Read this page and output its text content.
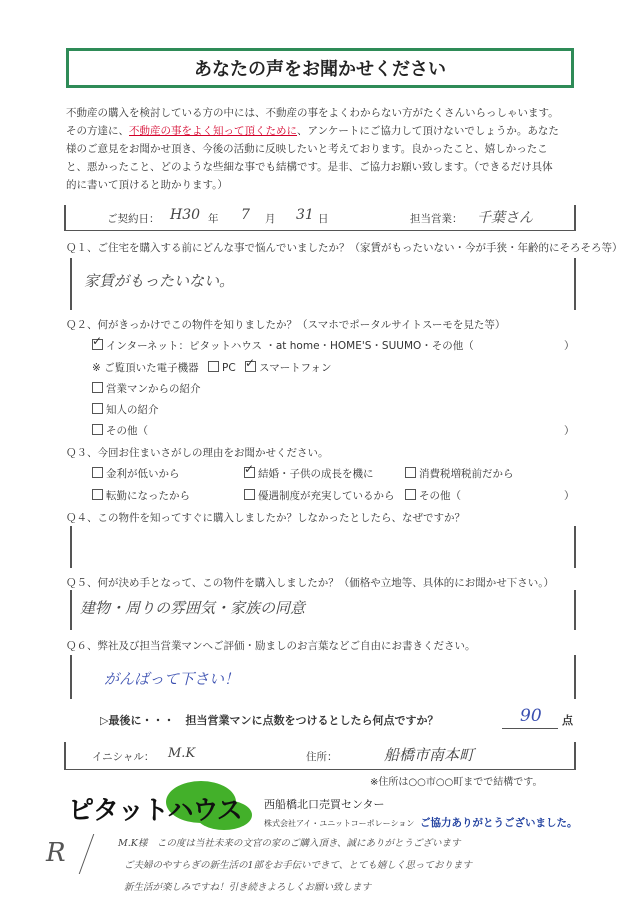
あなたの声をお聞かせください
不動産の購入を検討している方の中には、不動産の事をよくわからない方がたくさんいらっしゃいます。
その方達に、不動産の事をよく知って頂くために、アンケートにご協力して頂けないでしょうか。あなた
様のご意見をお聞かせ頂き、今後の活動に反映したいと考えております。良かったこと、嬉しかったこ
と、悪かったこと、どのような些細な事でも結構です。是非、ご協力お願い致します。（できるだけ具体
的に書いて頂けると助かります。）
ご契約日： H30 年 7 月 31 日	担当営業： 千葉さん
Ｑ１、ご住宅を購入する前にどんな事で悩んでいましたか？（家賃がもったいない・今が手狭・年齢的にそろそろ等）
家賃がもったいない。
Ｑ２、何がきっかけでこの物件を知りましたか？（スマホでポータルサイトスーモを見た等）
✓インターネット：ピタットハウス ・at home・HOME'S・SUUMO・その他（	）
※ ご覧頂いた電子機器 PC ✓ スマートフォン
営業マンからの紹介
知人の紹介
その他（	）
Ｑ３、今回お住まいさがしの理由をお聞かせください。
金利が低いから ✓	結婚・子供の成長を機に	消費税増税前だから
転勤になったから	優遇制度が充実しているから	その他（	）
Ｑ４、この物件を知ってすぐに購入しましたか？しなかったとしたら、なぜですか？
Ｑ５、何が決め手となって、この物件を購入しましたか？（価格や立地等、具体的にお聞かせ下さい。）
建物・周りの雰囲気・家族の同意
Ｑ６、弊社及び担当営業マンへご評価・励ましのお言葉などご自由にお書きください。
がんばって下さい！
▷最後に・・・　担当営業マンに点数をつけるとしたら何点ですか？	90 点
イニシャル： M.K	住所：	船橋市南本町
※住所は○○市○○町までで結構です。
ピタットハウス 西船橋北口売買センター
株式会社アイ・ユニットコーポレーション ご協力ありがとうございました。
R	M.K様　この度は当社未来の文官の家のご購入頂き、誠にありがとうございます
ご夫婦のやすらぎの新生活の1部をお手伝いできて、とても嬉しく思っております
新生活が楽しみですね！引き続きよろしくお願い致します
